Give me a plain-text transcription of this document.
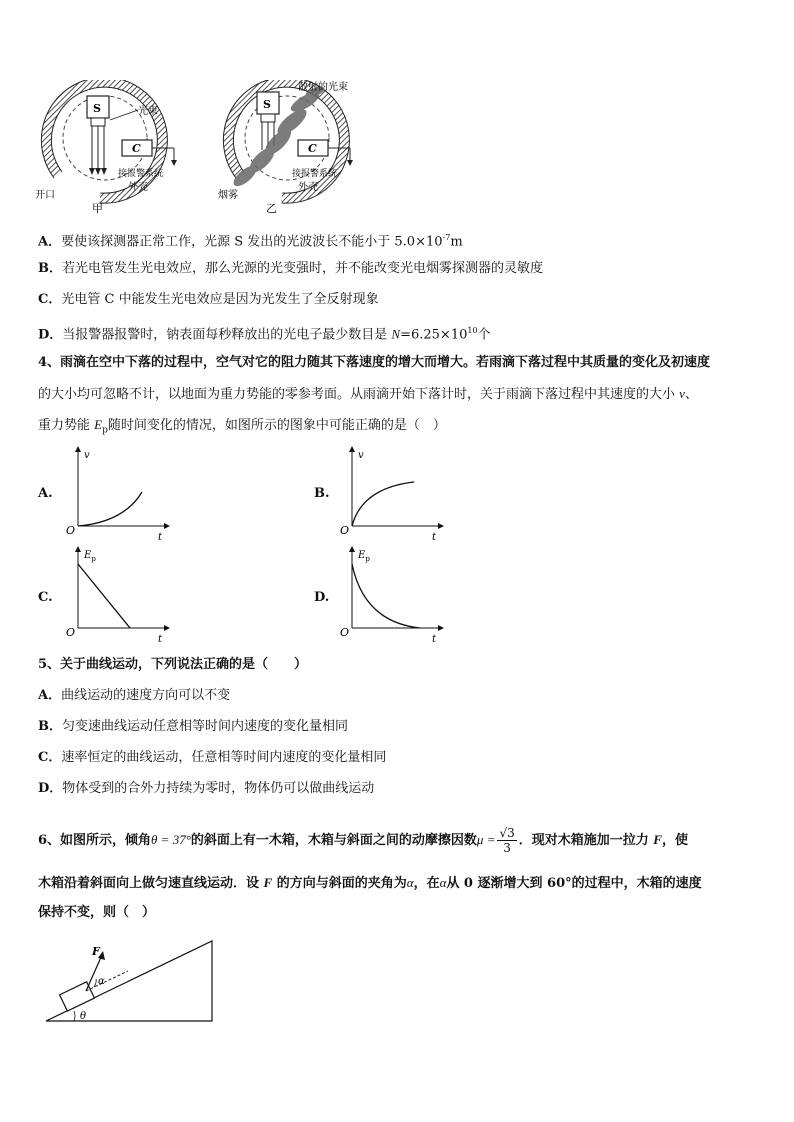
S
C
光束
接报警系统
外壳
开口
甲
S
C
散射的光束
接报警系统
外壳
烟雾
乙
A．要使该探测器正常工作，光源 S 发出的光波波长不能小于 $5.0\times 10^{-7}m$
B．若光电管发生光电效应，那么光源的光变强时，并不能改变光电烟雾探测器的灵敏度
C．光电管 C 中能发生光电效应是因为光发生了全反射现象
D．当报警器报警时，钠表面每秒释放出的光电子最少数目是 $N=6.25\times 10^{10}$个
4、雨滴在空中下落的过程中，空气对它的阻力随其下落速度的增大而增大。若雨滴下落过程中其质量的变化及初速度
的大小均可忽略不计，以地面为重力势能的零参考面。从雨滴开始下落计时，关于雨滴下落过程中其速度的大小 v、
重力势能 $E_p$随时间变化的情况，如图所示的图象中可能正确的是（　）
A.
v
t
O
B.
v
t
O
C.
$E_p$
t
O
D.
$E_p$
t
O
5、关于曲线运动，下列说法正确的是（　　）
A．曲线运动的速度方向可以不变
B．匀变速曲线运动任意相等时间内速度的变化量相同
C．速率恒定的曲线运动，任意相等时间内速度的变化量相同
D．物体受到的合外力持续为零时，物体仍可以做曲线运动
6、如图所示，倾角θ = 37°的斜面上有一木箱，木箱与斜面之间的动摩擦因数$\mu = \frac{√3}{3}$ ．现对木箱施加一拉力 F，使
木箱沿着斜面向上做匀速直线运动．设 F 的方向与斜面的夹角为α，在α从 0 逐渐增大到 60°的过程中，木箱的速度
保持不变，则（　）
F
α
θ
